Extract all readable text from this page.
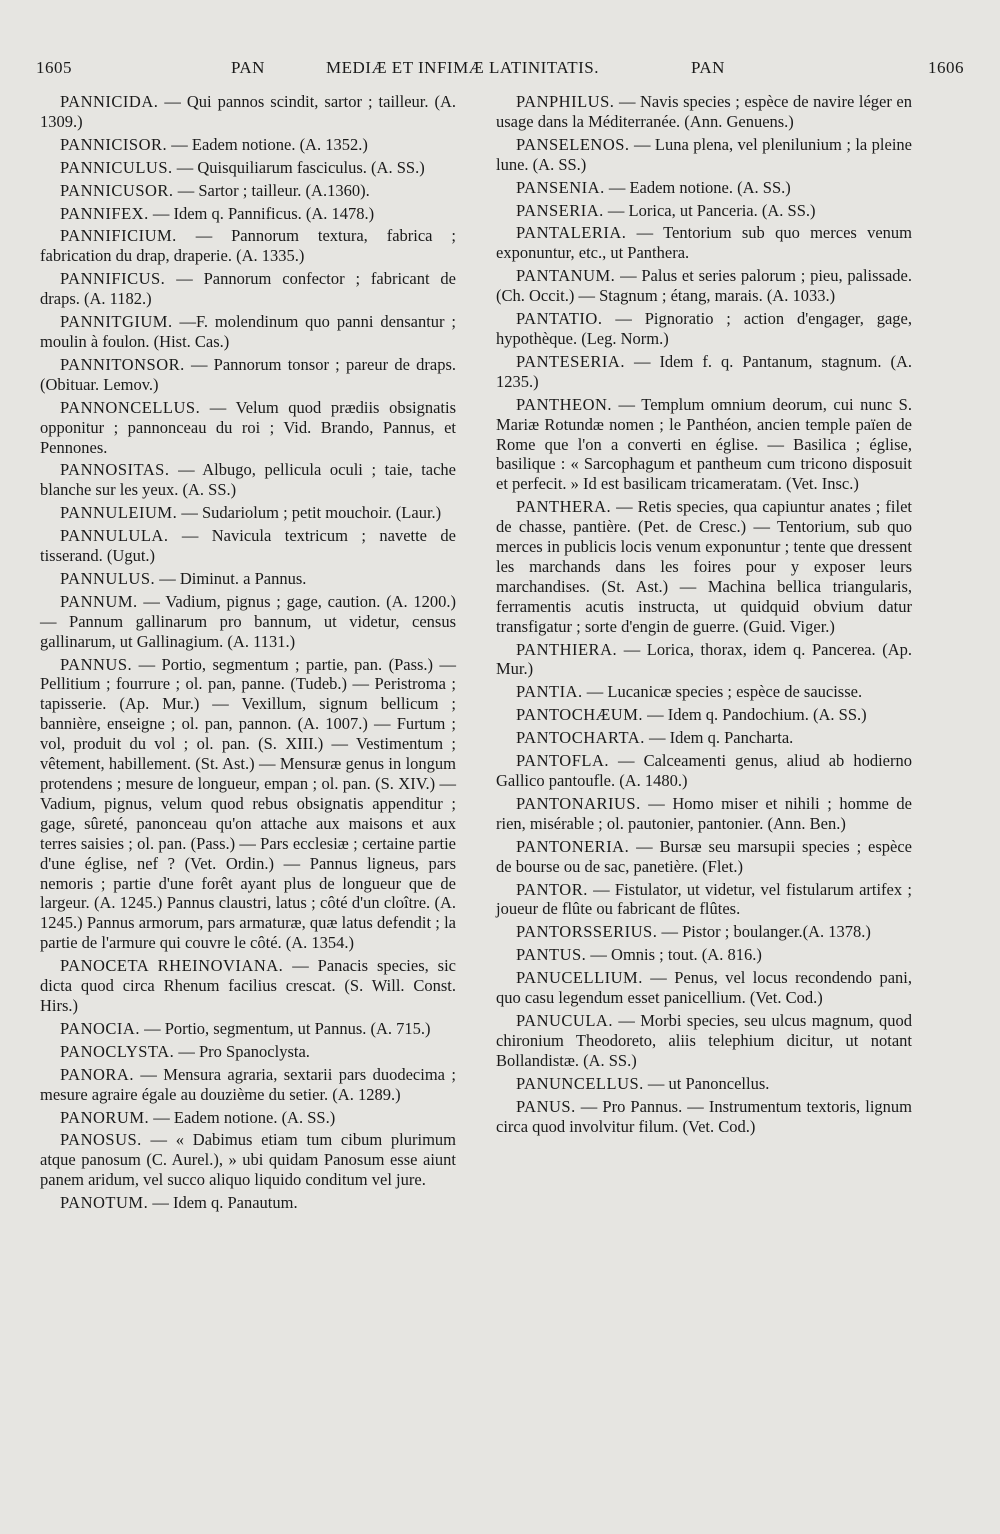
1605	PAN	MEDIÆ ET INFIMÆ LATINITATIS.	PAN	1606

PANNICIDA. — Qui pannos scindit, sartor ; tailleur. (A. 1309.)

PANNICISOR. — Eadem notione. (A. 1352.)

PANNICULUS. — Quisquiliarum fasciculus. (A. SS.)

PANNICUSOR. — Sartor ; tailleur. (A.1360).

PANNIFEX. — Idem q. Pannificus. (A. 1478.)

PANNIFICIUM. — Pannorum textura, fabrica ; fabrication du drap, draperie. (A. 1335.)

PANNIFICUS. — Pannorum confector ; fabricant de draps. (A. 1182.)

PANNITGIUM. —F. molendinum quo panni densantur ; moulin à foulon. (Hist. Cas.)

PANNITONSOR. — Pannorum tonsor ; pareur de draps. (Obituar. Lemov.)

PANNONCELLUS. — Velum quod prædiis obsignatis opponitur ; pannonceau du roi ; Vid. Brando, Pannus, et Pennones.

PANNOSITAS. — Albugo, pellicula oculi ; taie, tache blanche sur les yeux. (A. SS.)

PANNULEIUM. — Sudariolum ; petit mouchoir. (Laur.)

PANNULULA. — Navicula textricum ; navette de tisserand. (Ugut.)

PANNULUS. — Diminut. a Pannus.

PANNUM. — Vadium, pignus ; gage, caution. (A. 1200.) — Pannum gallinarum pro bannum, ut videtur, census gallinarum, ut Gallinagium. (A. 1131.)

PANNUS. — Portio, segmentum ; partie, pan. (Pass.) — Pellitium ; fourrure ; ol. pan, panne. (Tudeb.) — Peristroma ; tapisserie. (Ap. Mur.) — Vexillum, signum bellicum ; bannière, enseigne ; ol. pan, pannon. (A. 1007.) — Furtum ; vol, produit du vol ; ol. pan. (S. XIII.) — Vestimentum ; vêtement, habillement. (St. Ast.) — Mensuræ genus in longum protendens ; mesure de longueur, empan ; ol. pan. (S. XIV.) — Vadium, pignus, velum quod rebus obsignatis appenditur ; gage, sûreté, panonceau qu'on attache aux maisons et aux terres saisies ; ol. pan. (Pass.) — Pars ecclesiæ ; certaine partie d'une église, nef ? (Vet. Ordin.) — Pannus ligneus, pars nemoris ; partie d'une forêt ayant plus de longueur que de largeur. (A. 1245.) Pannus claustri, latus ; côté d'un cloître. (A. 1245.) Pannus armorum, pars armaturæ, quæ latus defendit ; la partie de l'armure qui couvre le côté. (A. 1354.)

PANOCETA RHEINOVIANA. — Panacis species, sic dicta quod circa Rhenum facilius crescat. (S. Will. Const. Hirs.)

PANOCIA. — Portio, segmentum, ut Pannus. (A. 715.)

PANOCLYSTA. — Pro Spanoclysta.

PANORA. — Mensura agraria, sextarii pars duodecima ; mesure agraire égale au douzième du setier. (A. 1289.)

PANORUM. — Eadem notione. (A. SS.)

PANOSUS. — « Dabimus etiam tum cibum plurimum atque panosum (C. Aurel.), » ubi quidam Panosum esse aiunt panem aridum, vel succo aliquo liquido conditum vel jure.

PANOTUM. — Idem q. Panautum.

PANPHILUS. — Navis species ; espèce de navire léger en usage dans la Méditerranée. (Ann. Genuens.)

PANSELENOS. — Luna plena, vel plenilunium ; la pleine lune. (A. SS.)

PANSENIA. — Eadem notione. (A. SS.)

PANSERIA. — Lorica, ut Panceria. (A. SS.)

PANTALERIA. — Tentorium sub quo merces venum exponuntur, etc., ut Panthera.

PANTANUM. — Palus et series palorum ; pieu, palissade. (Ch. Occit.) — Stagnum ; étang, marais. (A. 1033.)

PANTATIO. — Pignoratio ; action d'engager, gage, hypothèque. (Leg. Norm.)

PANTESERIA. — Idem f. q. Pantanum, stagnum. (A. 1235.)

PANTHEON. — Templum omnium deorum, cui nunc S. Mariæ Rotundæ nomen ; le Panthéon, ancien temple païen de Rome que l'on a converti en église. — Basilica ; église, basilique : « Sarcophagum et pantheum cum tricono disposuit et perfecit. » Id est basilicam tricameratam. (Vet. Insc.)

PANTHERA. — Retis species, qua capiuntur anates ; filet de chasse, pantière. (Pet. de Cresc.) — Tentorium, sub quo merces in publicis locis venum exponuntur ; tente que dressent les marchands dans les foires pour y exposer leurs marchandises. (St. Ast.) — Machina bellica triangularis, ferramentis acutis instructa, ut quidquid obvium datur transfigatur ; sorte d'engin de guerre. (Guid. Viger.)

PANTHIERA. — Lorica, thorax, idem q. Pancerea. (Ap. Mur.)

PANTIA. — Lucanicæ species ; espèce de saucisse.

PANTOCHÆUM. — Idem q. Pandochium. (A. SS.)

PANTOCHARTA. — Idem q. Pancharta.

PANTOFLA. — Calceamenti genus, aliud ab hodierno Gallico pantoufle. (A. 1480.)

PANTONARIUS. — Homo miser et nihili ; homme de rien, misérable ; ol. pautonier, pantonier. (Ann. Ben.)

PANTONERIA. — Bursæ seu marsupii species ; espèce de bourse ou de sac, panetière. (Flet.)

PANTOR. — Fistulator, ut videtur, vel fistularum artifex ; joueur de flûte ou fabricant de flûtes.

PANTORSSERIUS. — Pistor ; boulanger.(A. 1378.)

PANTUS. — Omnis ; tout. (A. 816.)

PANUCELLIUM. — Penus, vel locus recondendo pani, quo casu legendum esset panicellium. (Vet. Cod.)

PANUCULA. — Morbi species, seu ulcus magnum, quod chironium Theodoreto, aliis telephium dicitur, ut notant Bollandistæ. (A. SS.)

PANUNCELLUS. — ut Panoncellus.

PANUS. — Pro Pannus. — Instrumentum textoris, lignum circa quod involvitur filum. (Vet. Cod.)
